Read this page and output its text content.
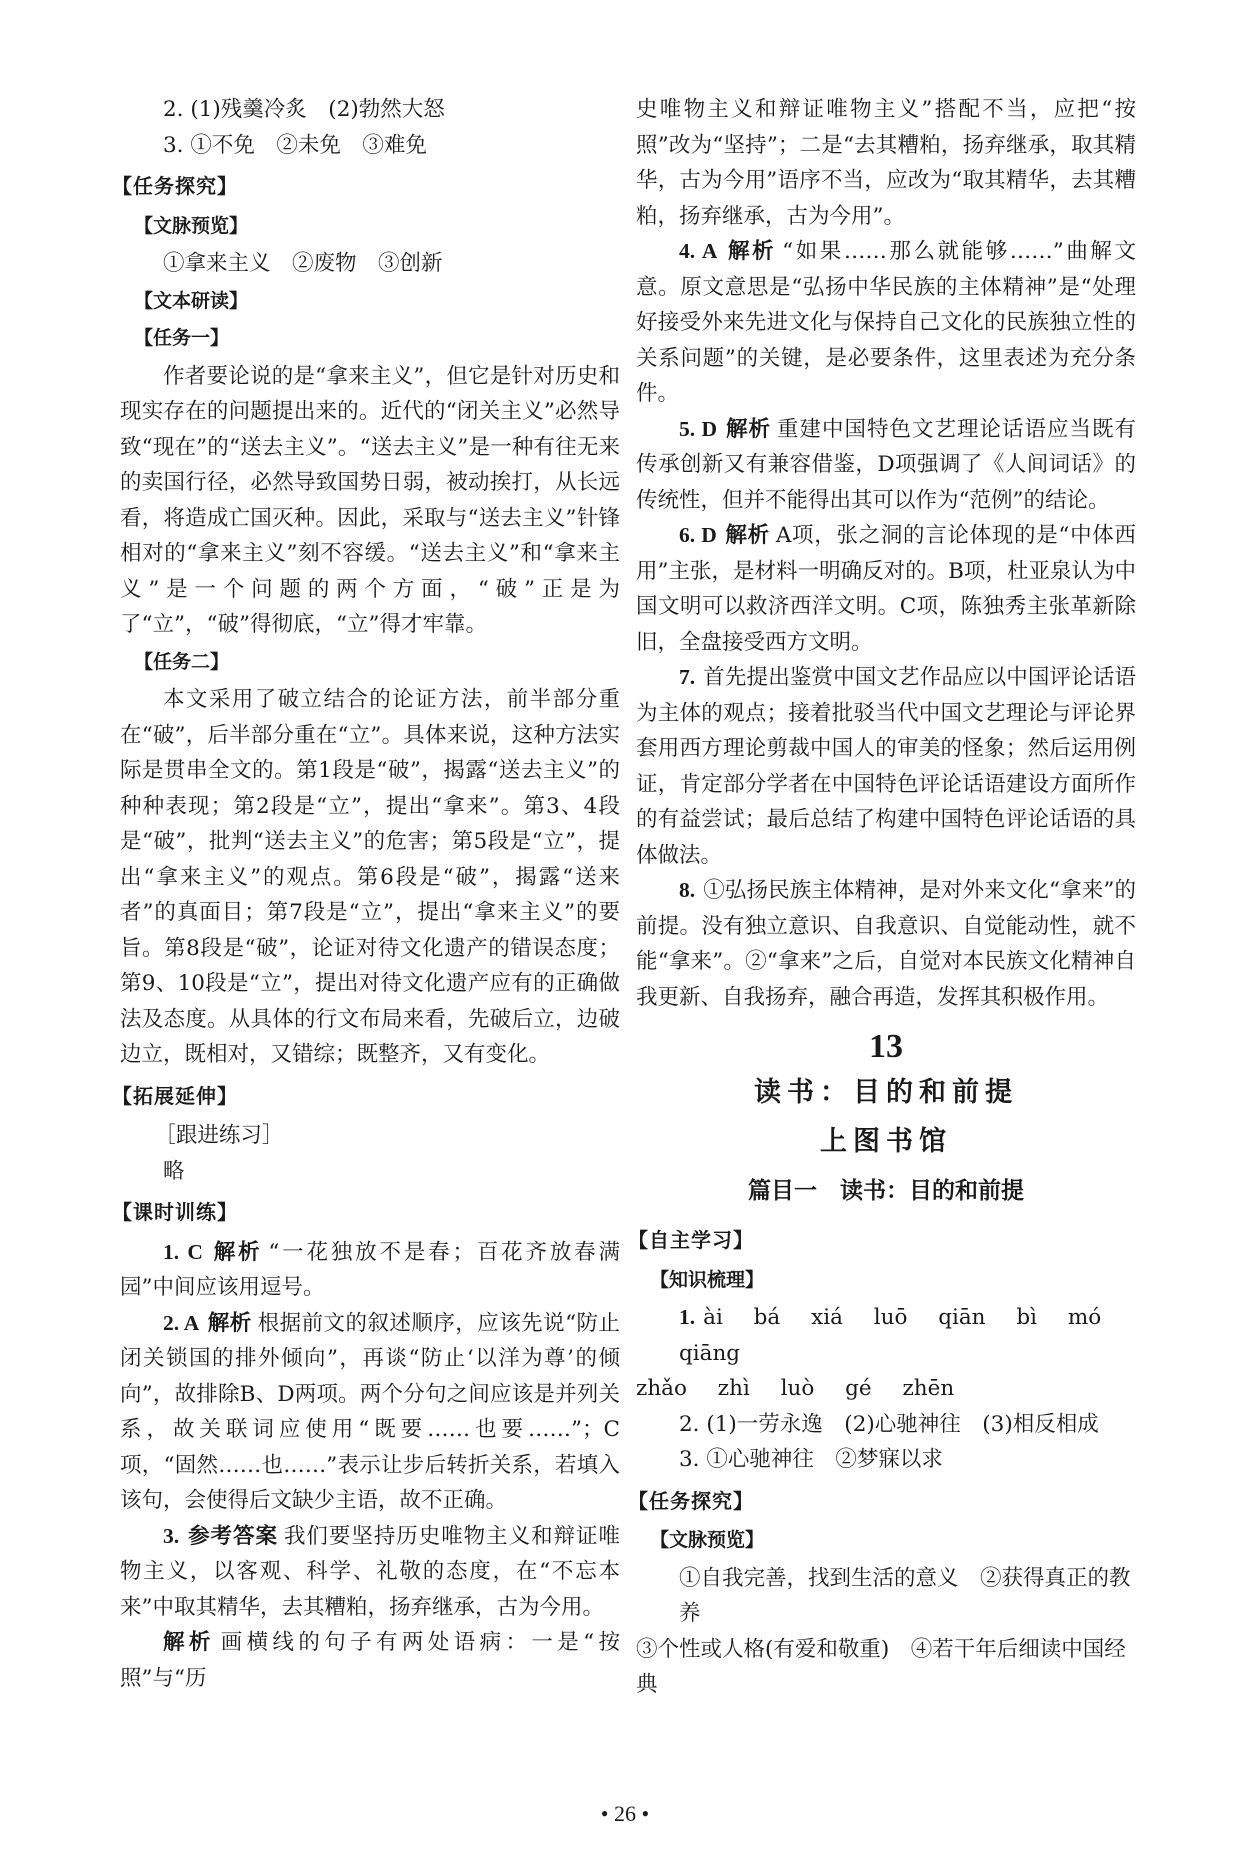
2. (1)残羹冷炙　(2)勃然大怒

3. ①不免　②未免　③难免

【任务探究】
【文脉预览】

①拿来主义　②废物　③创新

【文本研读】
【任务一】

作者要论说的是“拿来主义”，但它是针对历史和现实存在的问题提出来的。近代的“闭关主义”必然导致“现在”的“送去主义”。“送去主义”是一种有往无来的卖国行径，必然导致国势日弱，被动挨打，从长远看，将造成亡国灭种。因此，采取与“送去主义”针锋相对的“拿来主义”刻不容缓。“送去主义”和“拿来主义”是一个问题的两个方面，“破”正是为了“立”，“破”得彻底，“立”得才牢靠。

【任务二】

本文采用了破立结合的论证方法，前半部分重在“破”，后半部分重在“立”。具体来说，这种方法实际是贯串全文的。第1段是“破”，揭露“送去主义”的种种表现；第2段是“立”，提出“拿来”。第3、4段是“破”，批判“送去主义”的危害；第5段是“立”，提出“拿来主义”的观点。第6段是“破”，揭露“送来者”的真面目；第7段是“立”，提出“拿来主义”的要旨。第8段是“破”，论证对待文化遗产的错误态度；第9、10段是“立”，提出对待文化遗产应有的正确做法及态度。从具体的行文布局来看，先破后立，边破边立，既相对，又错综；既整齐，又有变化。

【拓展延伸】

［跟进练习］

略

【课时训练】

1. C 解析 “一花独放不是春；百花齐放春满园”中间应该用逗号。

2. A 解析 根据前文的叙述顺序，应该先说“防止闭关锁国的排外倾向”，再谈“防止‘以洋为尊’的倾向”，故排除B、D两项。两个分句之间应该是并列关系，故关联词应使用“既要……也要……”；C项，“固然……也……”表示让步后转折关系，若填入该句，会使得后文缺少主语，故不正确。

3. 参考答案 我们要坚持历史唯物主义和辩证唯物主义，以客观、科学、礼敬的态度，在“不忘本来”中取其精华，去其糟粕，扬弃继承，古为今用。

解析 画横线的句子有两处语病：一是“按照”与“历

史唯物主义和辩证唯物主义”搭配不当，应把“按照”改为“坚持”；二是“去其糟粕，扬弃继承，取其精华，古为今用”语序不当，应改为“取其精华，去其糟粕，扬弃继承，古为今用”。

4. A 解析 “如果……那么就能够……”曲解文意。原文意思是“弘扬中华民族的主体精神”是“处理好接受外来先进文化与保持自己文化的民族独立性的关系问题”的关键，是必要条件，这里表述为充分条件。

5. D 解析 重建中国特色文艺理论话语应当既有传承创新又有兼容借鉴，D项强调了《人间词话》的传统性，但并不能得出其可以作为“范例”的结论。

6. D 解析 A项，张之洞的言论体现的是“中体西用”主张，是材料一明确反对的。B项，杜亚泉认为中国文明可以救济西洋文明。C项，陈独秀主张革新除旧，全盘接受西方文明。

7. 首先提出鉴赏中国文艺作品应以中国评论话语为主体的观点；接着批驳当代中国文艺理论与评论界套用西方理论剪裁中国人的审美的怪象；然后运用例证，肯定部分学者在中国特色评论话语建设方面所作的有益尝试；最后总结了构建中国特色评论话语的具体做法。

8. ①弘扬民族主体精神，是对外来文化“拿来”的前提。没有独立意识、自我意识、自觉能动性，就不能“拿来”。②“拿来”之后，自觉对本民族文化精神自我更新、自我扬弃，融合再造，发挥其积极作用。

13
读书：目的和前提
上图书馆
篇目一　读书：目的和前提
【自主学习】
【知识梳理】

1. ài bá xiá luō qiān bì mó qiāng

zhǎo zhì luò gé zhēn

2. (1)一劳永逸　(2)心驰神往　(3)相反相成

3. ①心驰神往　②梦寐以求

【任务探究】
【文脉预览】

①自我完善，找到生活的意义　②获得真正的教养

③个性或人格(有爱和敬重)　④若干年后细读中国经典

• 26 •
